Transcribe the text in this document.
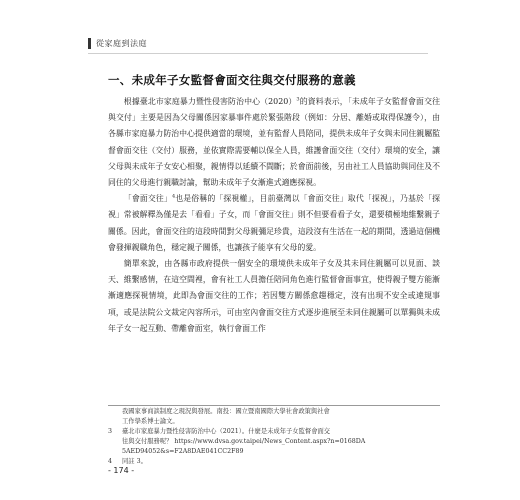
從家庭到法庭
一、未成年子女監督會面交往與交付服務的意義

根據臺北市家庭暴力暨性侵害防治中心$(2020)^3$的資料表示，「未成年子女監督會面交往與交付」主要是因為父母關係因家暴事件處於緊張階段（例如：分居、離婚或取得保護令），由各縣市家庭暴力防治中心提供適當的環境，並有監督人員陪同，提供未成年子女與未同住親屬監督會面交往（交付）服務，並依實際需要輔以保全人員，維護會面交往（交付）環境的安全，讓父母與未成年子女安心相聚，親情得以延續不間斷；於會面前後，另由社工人員協助與同住及不同住的父母進行親職討論，幫助未成年子女漸進式適應探視。

「會面交往」$^4$也是俗稱的「探視權」，目前臺灣以「會面交往」取代「探視」，乃基於「探視」常被解釋為僅是去「看看」子女，而「會面交往」則不但要看看子女，還要積極地維繫親子關係。因此，會面交往的這段時間對父母親彌足珍貴，這段沒有生活在一起的期間，透過這個機會發揮親職角色，穩定親子關係，也讓孩子能享有父母的愛。

簡單來說，由各縣市政府提供一個安全的環境供未成年子女及其未同住親屬可以見面、談天、維繫感情，在這空間裡，會有社工人員擔任陪同角色進行監督會面事宜，使得親子雙方能漸漸適應探視情境，此即為會面交往的工作；若因雙方關係愈趨穩定，沒有出現不安全或違規事項，或是法院公文裁定內容所示，可由室內會面交往方式逐步進展至未同住親屬可以單獨與未成年子女一起互動、帶離會面室，執行會面工作

我國家事商談制度之現況與發展。南投：國立暨南國際大學社會政策與社會
工作學系博士論文。
3	臺北市家庭暴力暨性侵害防治中心（2021）。什麼是未成年子女監督會面交
往與交付服務呢？ https://www.dvsa.gov.taipei/News_Content.aspx?n=0168DA
5AED94052&s=F2A8DAE041CC2F89
4	同註 3。
- 174 -
